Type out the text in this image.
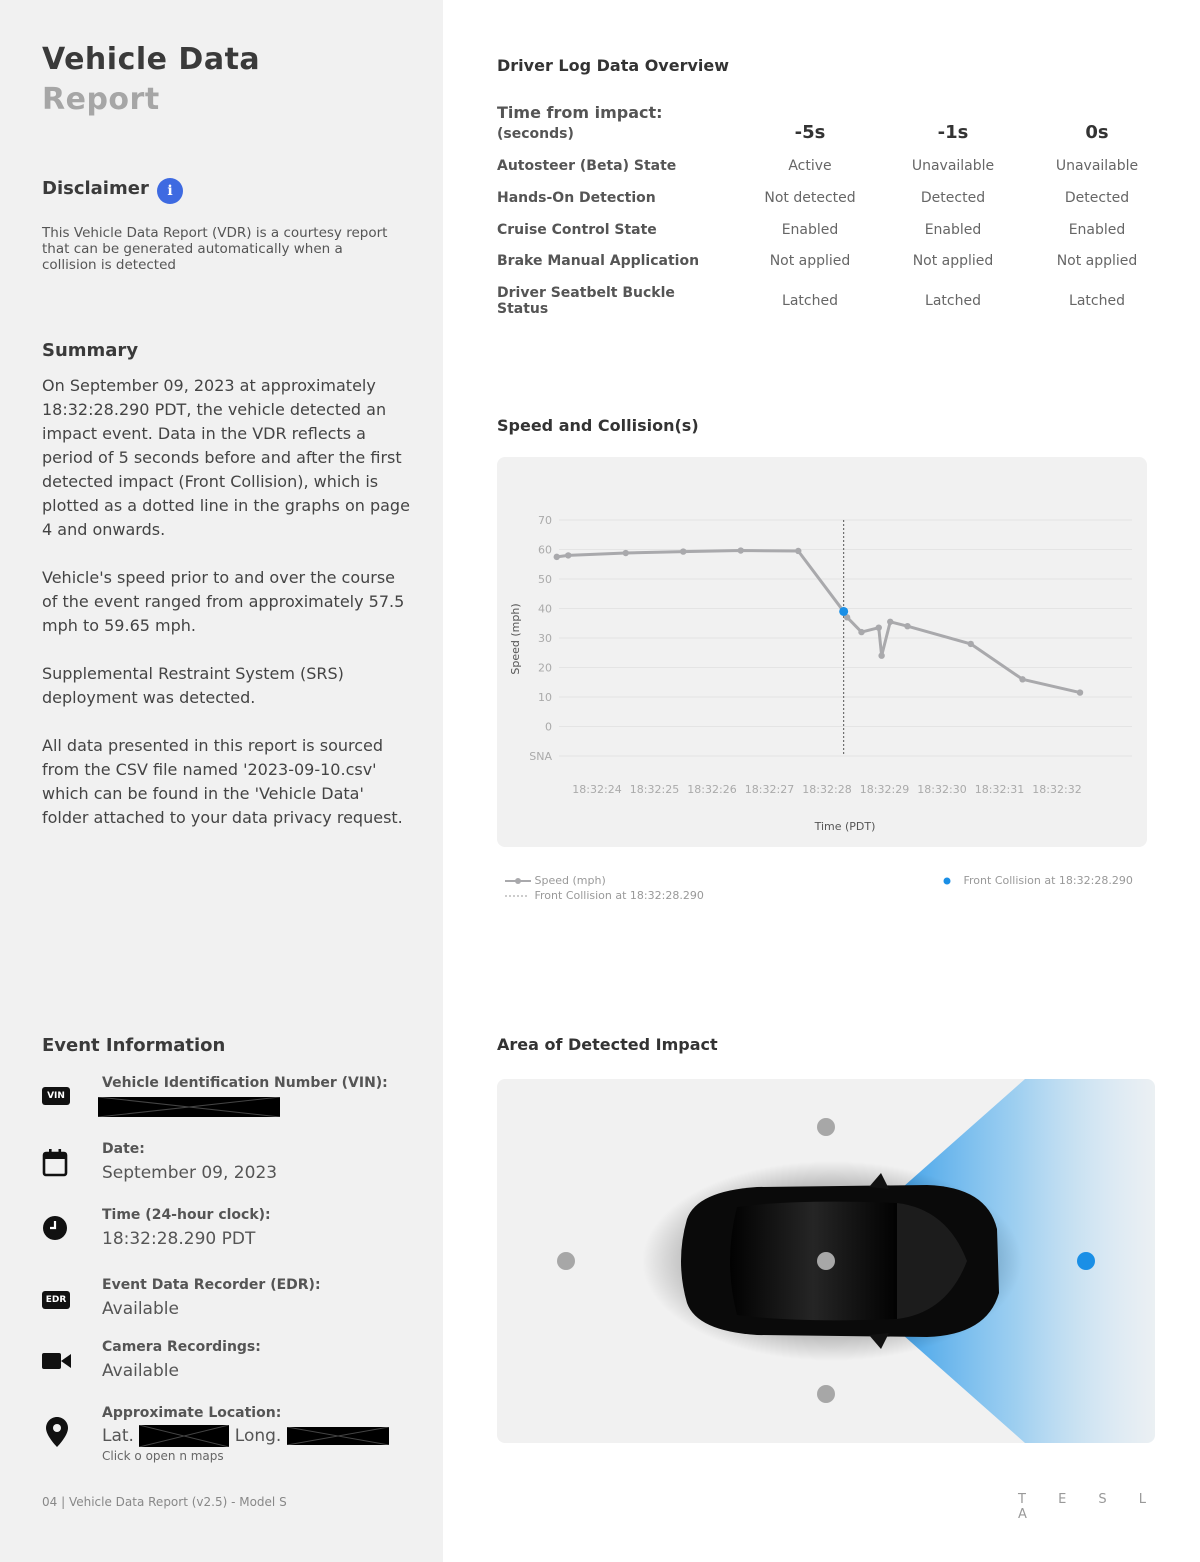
Vehicle Data
Report
Disclaimer	i
This Vehicle Data Report (VDR) is a courtesy report that can be generated automatically when a collision is detected
Summary

On September 09, 2023 at approximately 18:32:28.290 PDT, the vehicle detected an impact event. Data in the VDR reflects a period of 5 seconds before and after the first detected impact (Front Collision), which is plotted as a dotted line in the graphs on page 4 and onwards.

Vehicle's speed prior to and over the course of the event ranged from approximately 57.5 mph to 59.65 mph.

Supplemental Restraint System (SRS) deployment was detected.

All data presented in this report is sourced from the CSV file named '2023-09-10.csv' which can be found in the 'Vehicle Data' folder attached to your data privacy request.

Event Information
VIN
Vehicle Identification Number (VIN):
Date:
September 09, 2023
Time (24-hour clock):
18:32:28.290 PDT
EDR
Event Data Recorder (EDR):
Available
Camera Recordings:
Available
Approximate Location:
Lat.	Long.
Click o open n maps
04 | Vehicle Data Report (v2.5) - Model S
Driver Log Data Overview
Time from impact:
(seconds)	-5s	-1s	0s
Autosteer (Beta) State	Active	Unavailable	Unavailable
Hands-On Detection	Not detected	Detected	Detected
Cruise Control State	Enabled	Enabled	Enabled
Brake Manual Application	Not applied	Not applied	Not applied
Driver Seatbelt Buckle Status	Latched	Latched	Latched
Speed and Collision(s)
70
60
50
40
30
20
10
0
SNA
18:32:24 18:32:25 18:32:26 18:32:27 18:32:28 18:32:29 18:32:30 18:32:31 18:32:32
Time (PDT)
Speed (mph)
Speed (mph)
Front Collision at 18:32:28.290
Front Collision at 18:32:28.290
Area of Detected Impact
T E S L A
